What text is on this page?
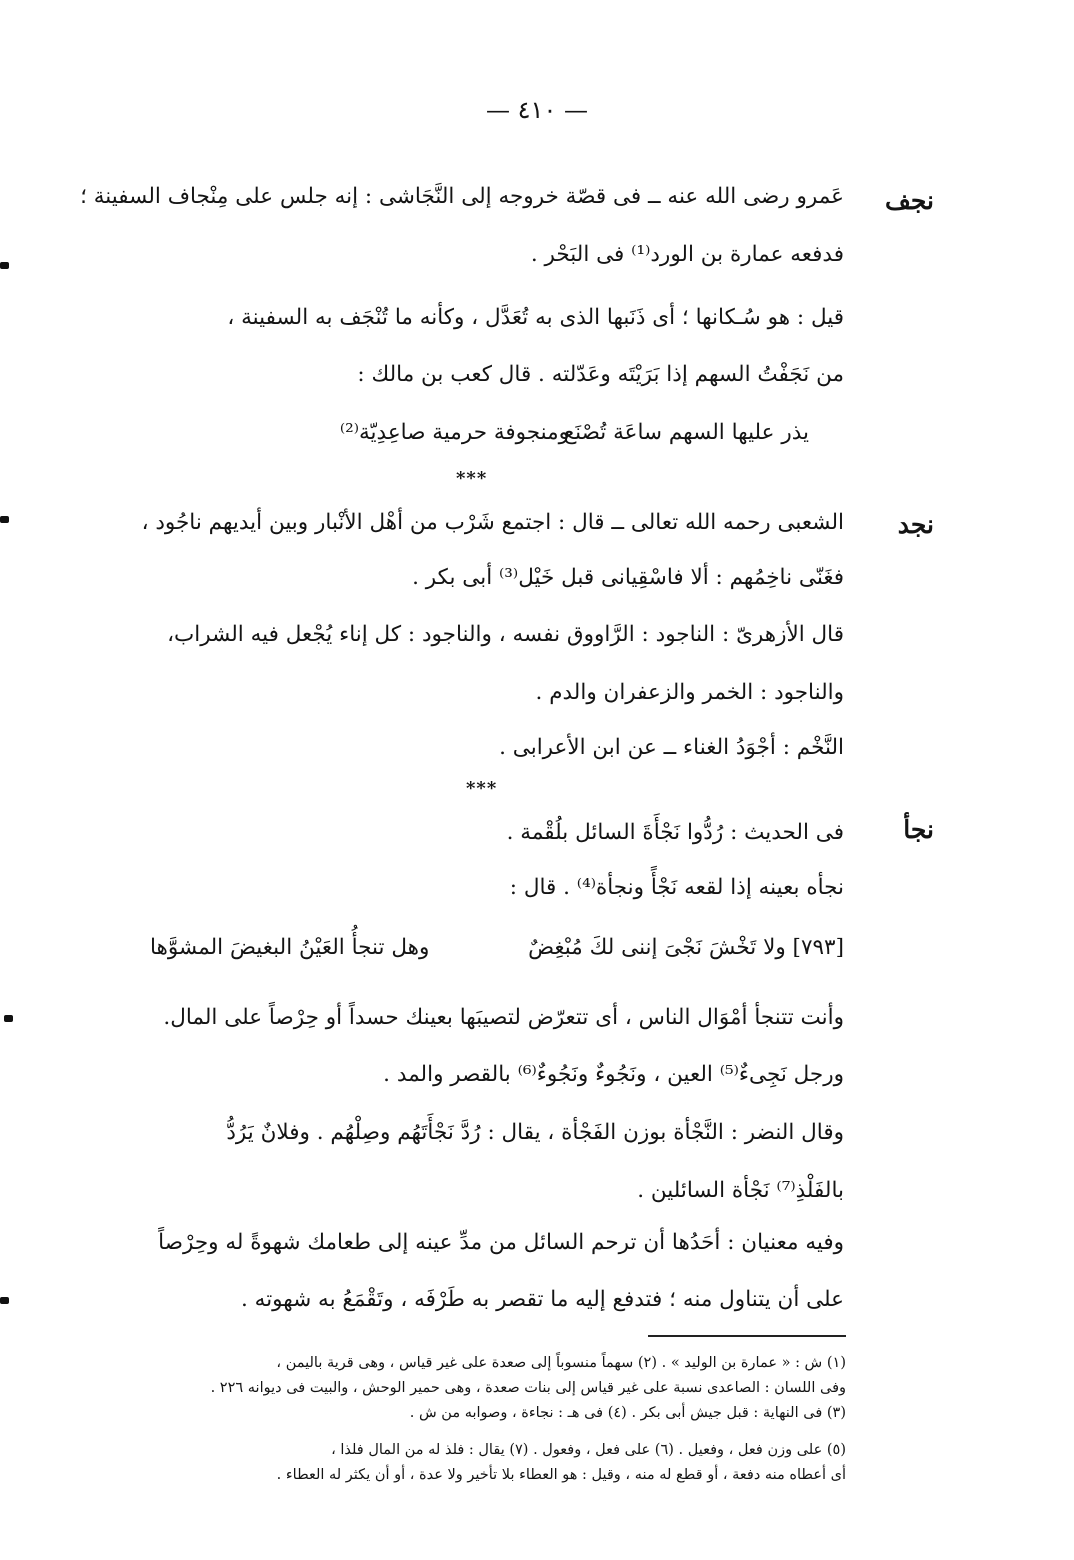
— ٤١٠ —
نجف
نجد
نجأ
عَمرو رضى الله عنه ــ فى قصّة خروجه إلى النَّجَاشى : إنه جلس على مِنْجاف السفينة ؛
فدفعه عمارة بن الورد⁽¹⁾ فى البَحْر .
قيل : هو سُـكانها ؛ أى ذَنَبها الذى به تُعَدَّل ، وكأنه ما تُنْجَف به السفينة ،
من نَجَفْتُ السهم إذا بَرَيْتَه وعَدّلته . قال كعب بن مالك :
ومنجوفة حرمية صاعِدِيّة⁽²⁾
يذر عليها السهم ساعَة تُصْنَع
***
الشعبى رحمه الله تعالى ــ قال : اجتمع شَرْب من أهْل الأنْبار وبين أيديهم ناجُود ،
فغَنّى ناخِمُهم : ألا فاسْقِيانى قبل خَيْل⁽³⁾ أبى بكر .
قال الأزهرىّ : الناجود : الرَّاووق نفسه ، والناجود : كل إناء يُجْعل فيه الشراب،
والناجود : الخمر والزعفران والدم .
النَّخْم : أجْوَدُ الغناء ــ عن ابن الأعرابى .
***
فى الحديث : رُدُّوا نَجْأَةَ السائل بلُقْمة .
نجأه بعينه إذا لقعه نَجْأً ونجأة⁽⁴⁾ . قال :
[٧٩٣] ولا تَخْشَ نَجْىَ إننى لكَ مُبْغِضٌ
وهل تنجأُ العَيْنُ البغيضَ المشوَّها
وأنت تتنجأ أمْوَال الناس ، أى تتعرّض لتصيبَها بعينك حسداً أو حِرْصاً على المال.
ورجل نَجِىءٌ⁽⁵⁾ العين ، ونَجُوءٌ ونَجُوءٌ⁽⁶⁾ بالقصر والمد .
وقال النضر : النَّجْأة بوزن الفَجْأة ، يقال : رُدَّ نَجْأَتَهُم وصِلْهُم . وفلانٌ يَرُدُّ
بالفَلْذِ⁽⁷⁾ نَجْأة السائلين .
وفيه معنيان : أحَدُها أن ترحم السائل من مدِّ عينه إلى طعامك شهوةً له وحِرْصاً
على أن يتناول منه ؛ فتدفع إليه ما تقصر به طَرْفَه ، وتَقْمَعُ به شهوته .
(١) ش : « عمارة بن الوليد » . (٢) سهماً منسوباً إلى صعدة على غير قياس ، وهى قرية باليمن ،
وفى اللسان : الصاعدى نسبة على غير قياس إلى بنات صعدة ، وهى حمير الوحش ، والبيت فى ديوانه ٢٢٦ .
(٣) فى النهاية : قبل جيش أبى بكر . (٤) فى هـ : نجاءة ، وصوابه من ش .
(٥) على وزن فعل ، وفعيل . (٦) على فعل ، وفعول . (٧) يقال : فلذ له من المال فلذا ،
أى أعطاه منه دفعة ، أو قطع له منه ، وقيل : هو العطاء بلا تأخير ولا عدة ، أو أن يكثر له العطاء .
